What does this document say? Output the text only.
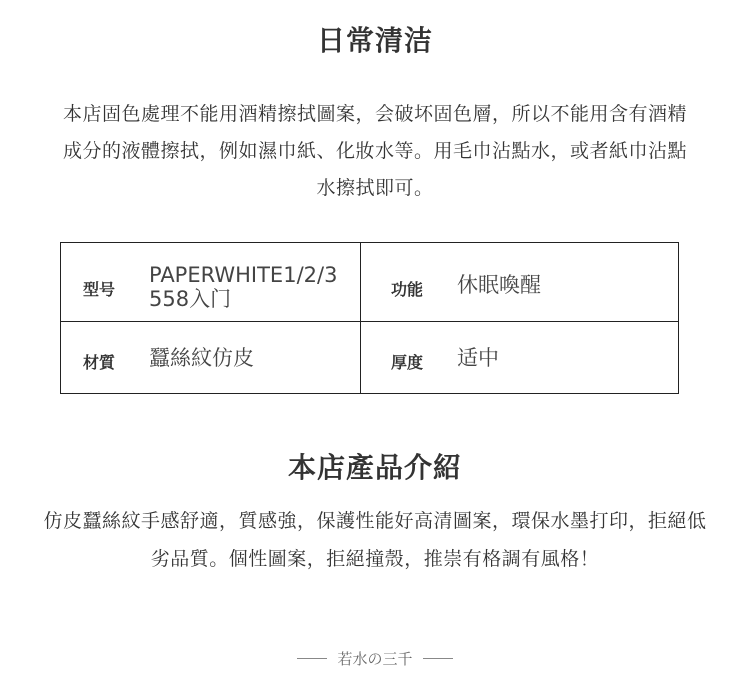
日常清洁
本店固色處理不能用酒精擦拭圖案，会破坏固色層，所以不能用含有酒精成分的液體擦拭，例如濕巾紙、化妝水等。用毛巾沾點水，或者紙巾沾點水擦拭即可。
型号
PAPERWHITE1/2/3558入门	功能 休眠喚醒
材質 蠶絲紋仿皮	厚度 适中
本店產品介紹
仿皮蠶絲紋手感舒適，質感強，保護性能好高清圖案，環保水墨打印，拒絕低劣品質。個性圖案，拒絕撞殼，推崇有格調有風格！
若水の三千
